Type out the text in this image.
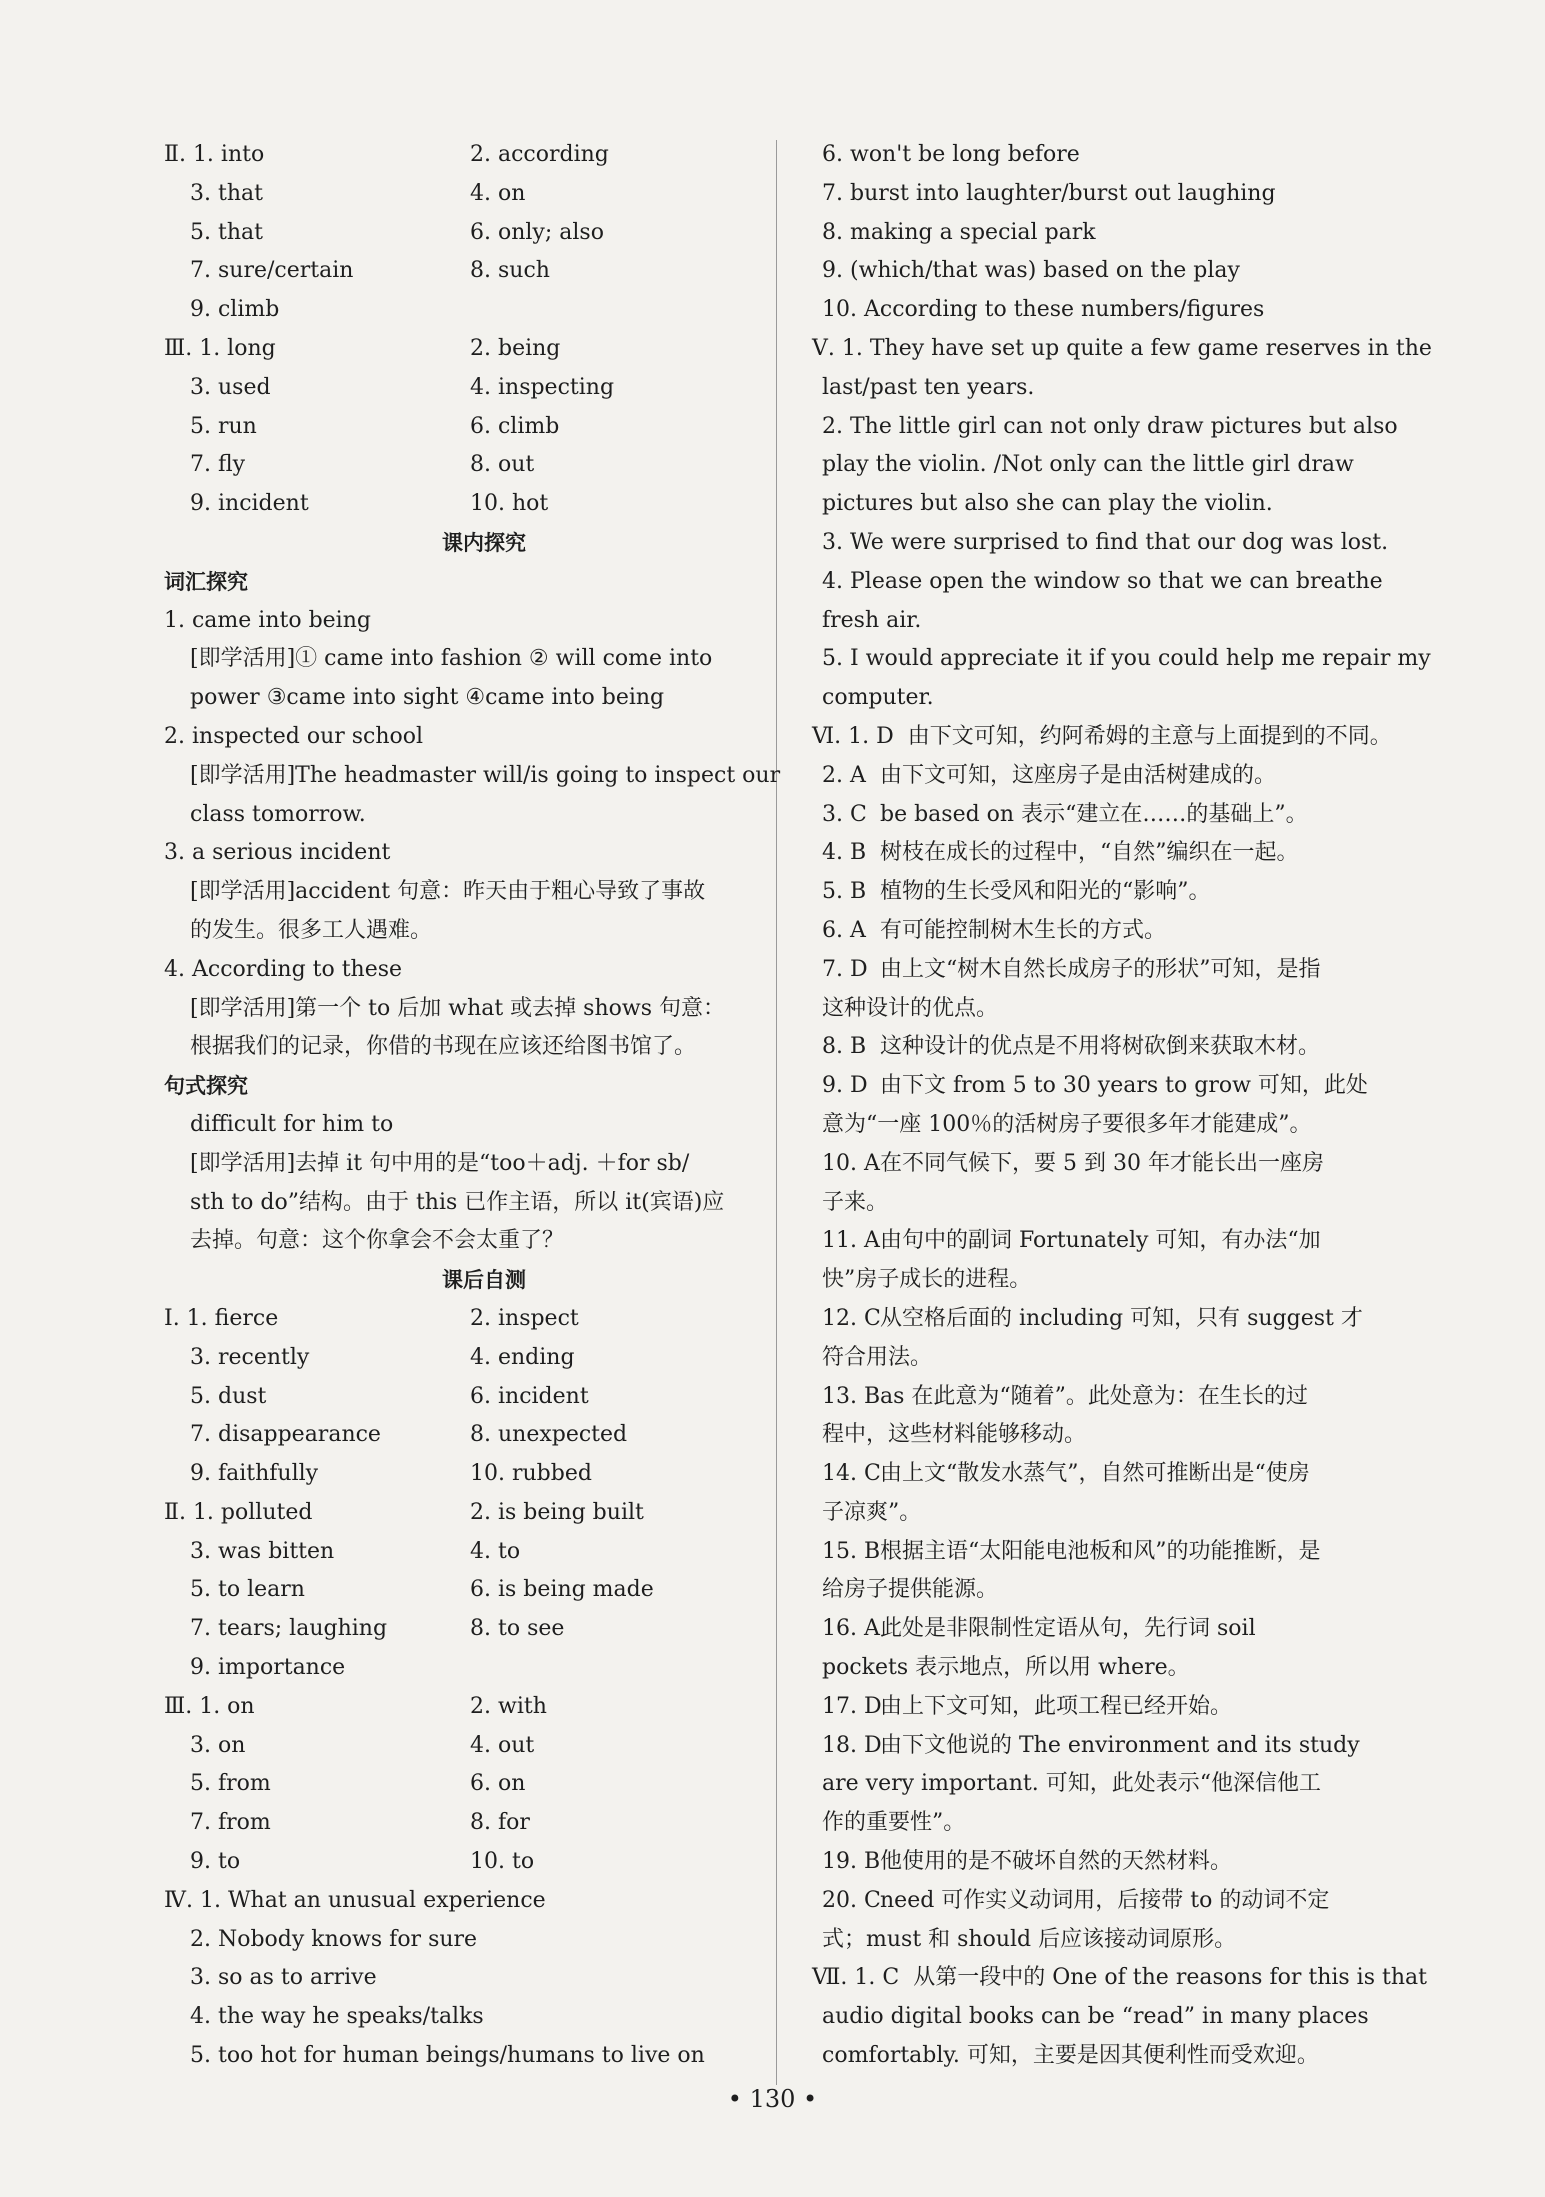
Ⅱ. 1. into	2. according
3. that	4. on
5. that	6. only; also
7. sure/certain	8. such
9. climb
Ⅲ. 1. long	2. being
3. used	4. inspecting
5. run	6. climb
7. fly	8. out
9. incident	10. hot
课内探究
词汇探究
1. came into being
[即学活用]① came into fashion ② will come into
power ③came into sight ④came into being
2. inspected our school
[即学活用]The headmaster will/is going to inspect our
class tomorrow.
3. a serious incident
[即学活用]accident 句意：昨天由于粗心导致了事故
的发生。很多工人遇难。
4. According to these
[即学活用]第一个 to 后加 what 或去掉 shows 句意：
根据我们的记录，你借的书现在应该还给图书馆了。
句式探究
difficult for him to
[即学活用]去掉 it 句中用的是“too＋adj. ＋for sb/
sth to do”结构。由于 this 已作主语，所以 it(宾语)应
去掉。句意：这个你拿会不会太重了？
课后自测
Ⅰ. 1. fierce	2. inspect
3. recently	4. ending
5. dust	6. incident
7. disappearance	8. unexpected
9. faithfully	10. rubbed
Ⅱ. 1. polluted	2. is being built
3. was bitten	4. to
5. to learn	6. is being made
7. tears; laughing	8. to see
9. importance
Ⅲ. 1. on	2. with
3. on	4. out
5. from	6. on
7. from	8. for
9. to	10. to
Ⅳ. 1. What an unusual experience
2. Nobody knows for sure
3. so as to arrive
4. the way he speaks/talks
5. too hot for human beings/humans to live on
6. won't be long before
7. burst into laughter/burst out laughing
8. making a special park
9. (which/that was) based on the play
10. According to these numbers/figures
Ⅴ. 1. They have set up quite a few game reserves in the
last/past ten years.
2. The little girl can not only draw pictures but also
play the violin. /Not only can the little girl draw
pictures but also she can play the violin.
3. We were surprised to find that our dog was lost.
4. Please open the window so that we can breathe
fresh air.
5. I would appreciate it if you could help me repair my
computer.
Ⅵ. 1. D 由下文可知，约阿希姆的主意与上面提到的不同。
2. A 由下文可知，这座房子是由活树建成的。
3. C be based on 表示“建立在……的基础上”。
4. B 树枝在成长的过程中，“自然”编织在一起。
5. B 植物的生长受风和阳光的“影响”。
6. A 有可能控制树木生长的方式。
7. D 由上文“树木自然长成房子的形状”可知，是指
这种设计的优点。
8. B 这种设计的优点是不用将树砍倒来获取木材。
9. D 由下文 from 5 to 30 years to grow 可知，此处
意为“一座 100％的活树房子要很多年才能建成”。
10. A在不同气候下，要 5 到 30 年才能长出一座房
子来。
11. A由句中的副词 Fortunately 可知，有办法“加
快”房子成长的进程。
12. C从空格后面的 including 可知，只有 suggest 才
符合用法。
13. Bas 在此意为“随着”。此处意为：在生长的过
程中，这些材料能够移动。
14. C由上文“散发水蒸气”，自然可推断出是“使房
子凉爽”。
15. B根据主语“太阳能电池板和风”的功能推断，是
给房子提供能源。
16. A此处是非限制性定语从句，先行词 soil
pockets 表示地点，所以用 where。
17. D由上下文可知，此项工程已经开始。
18. D由下文他说的 The environment and its study
are very important. 可知，此处表示“他深信他工
作的重要性”。
19. B他使用的是不破坏自然的天然材料。
20. Cneed 可作实义动词用，后接带 to 的动词不定
式；must 和 should 后应该接动词原形。
Ⅶ. 1. C 从第一段中的 One of the reasons for this is that
audio digital books can be “read” in many places
comfortably. 可知，主要是因其便利性而受欢迎。
• 130 •
